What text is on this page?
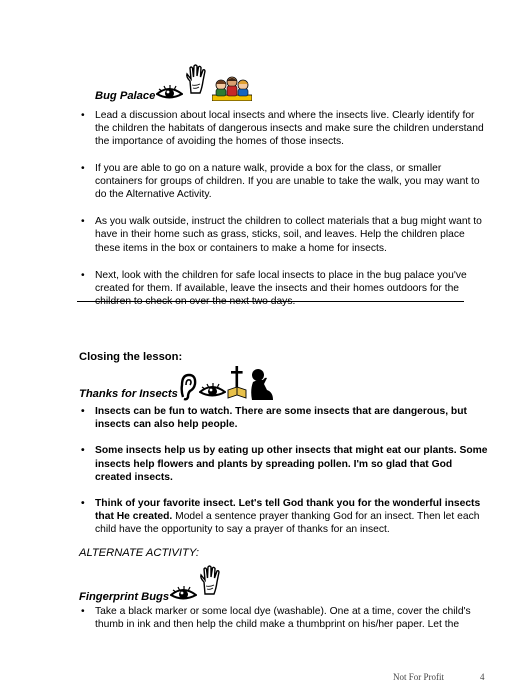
Bug Palace
• Lead a discussion about local insects and where the insects live. Clearly identify for the children the habitats of dangerous insects and make sure the children understand the importance of avoiding the homes of those insects.
• If you are able to go on a nature walk, provide a box for the class, or smaller containers for groups of children. If you are unable to take the walk, you may want to do the Alternative Activity.
• As you walk outside, instruct the children to collect materials that a bug might want to have in their home such as grass, sticks, soil, and leaves. Help the children place these items in the box or containers to make a home for insects.
• Next, look with the children for safe local insects to place in the bug palace you've created for them. If available, leave the insects and their homes outdoors for the children to check on over the next two days.
Closing the lesson:
Thanks for Insects
• Insects can be fun to watch. There are some insects that are dangerous, but insects can also help people.
• Some insects help us by eating up other insects that might eat our plants. Some insects help flowers and plants by spreading pollen. I'm so glad that God created insects.
• Think of your favorite insect. Let's tell God thank you for the wonderful insects that He created. Model a sentence prayer thanking God for an insect. Then let each child have the opportunity to say a prayer of thanks for an insect.
ALTERNATE ACTIVITY:
Fingerprint Bugs
• Take a black marker or some local dye (washable). One at a time, cover the child's thumb in ink and then help the child make a thumbprint on his/her paper. Let the
Not For Profit	4
